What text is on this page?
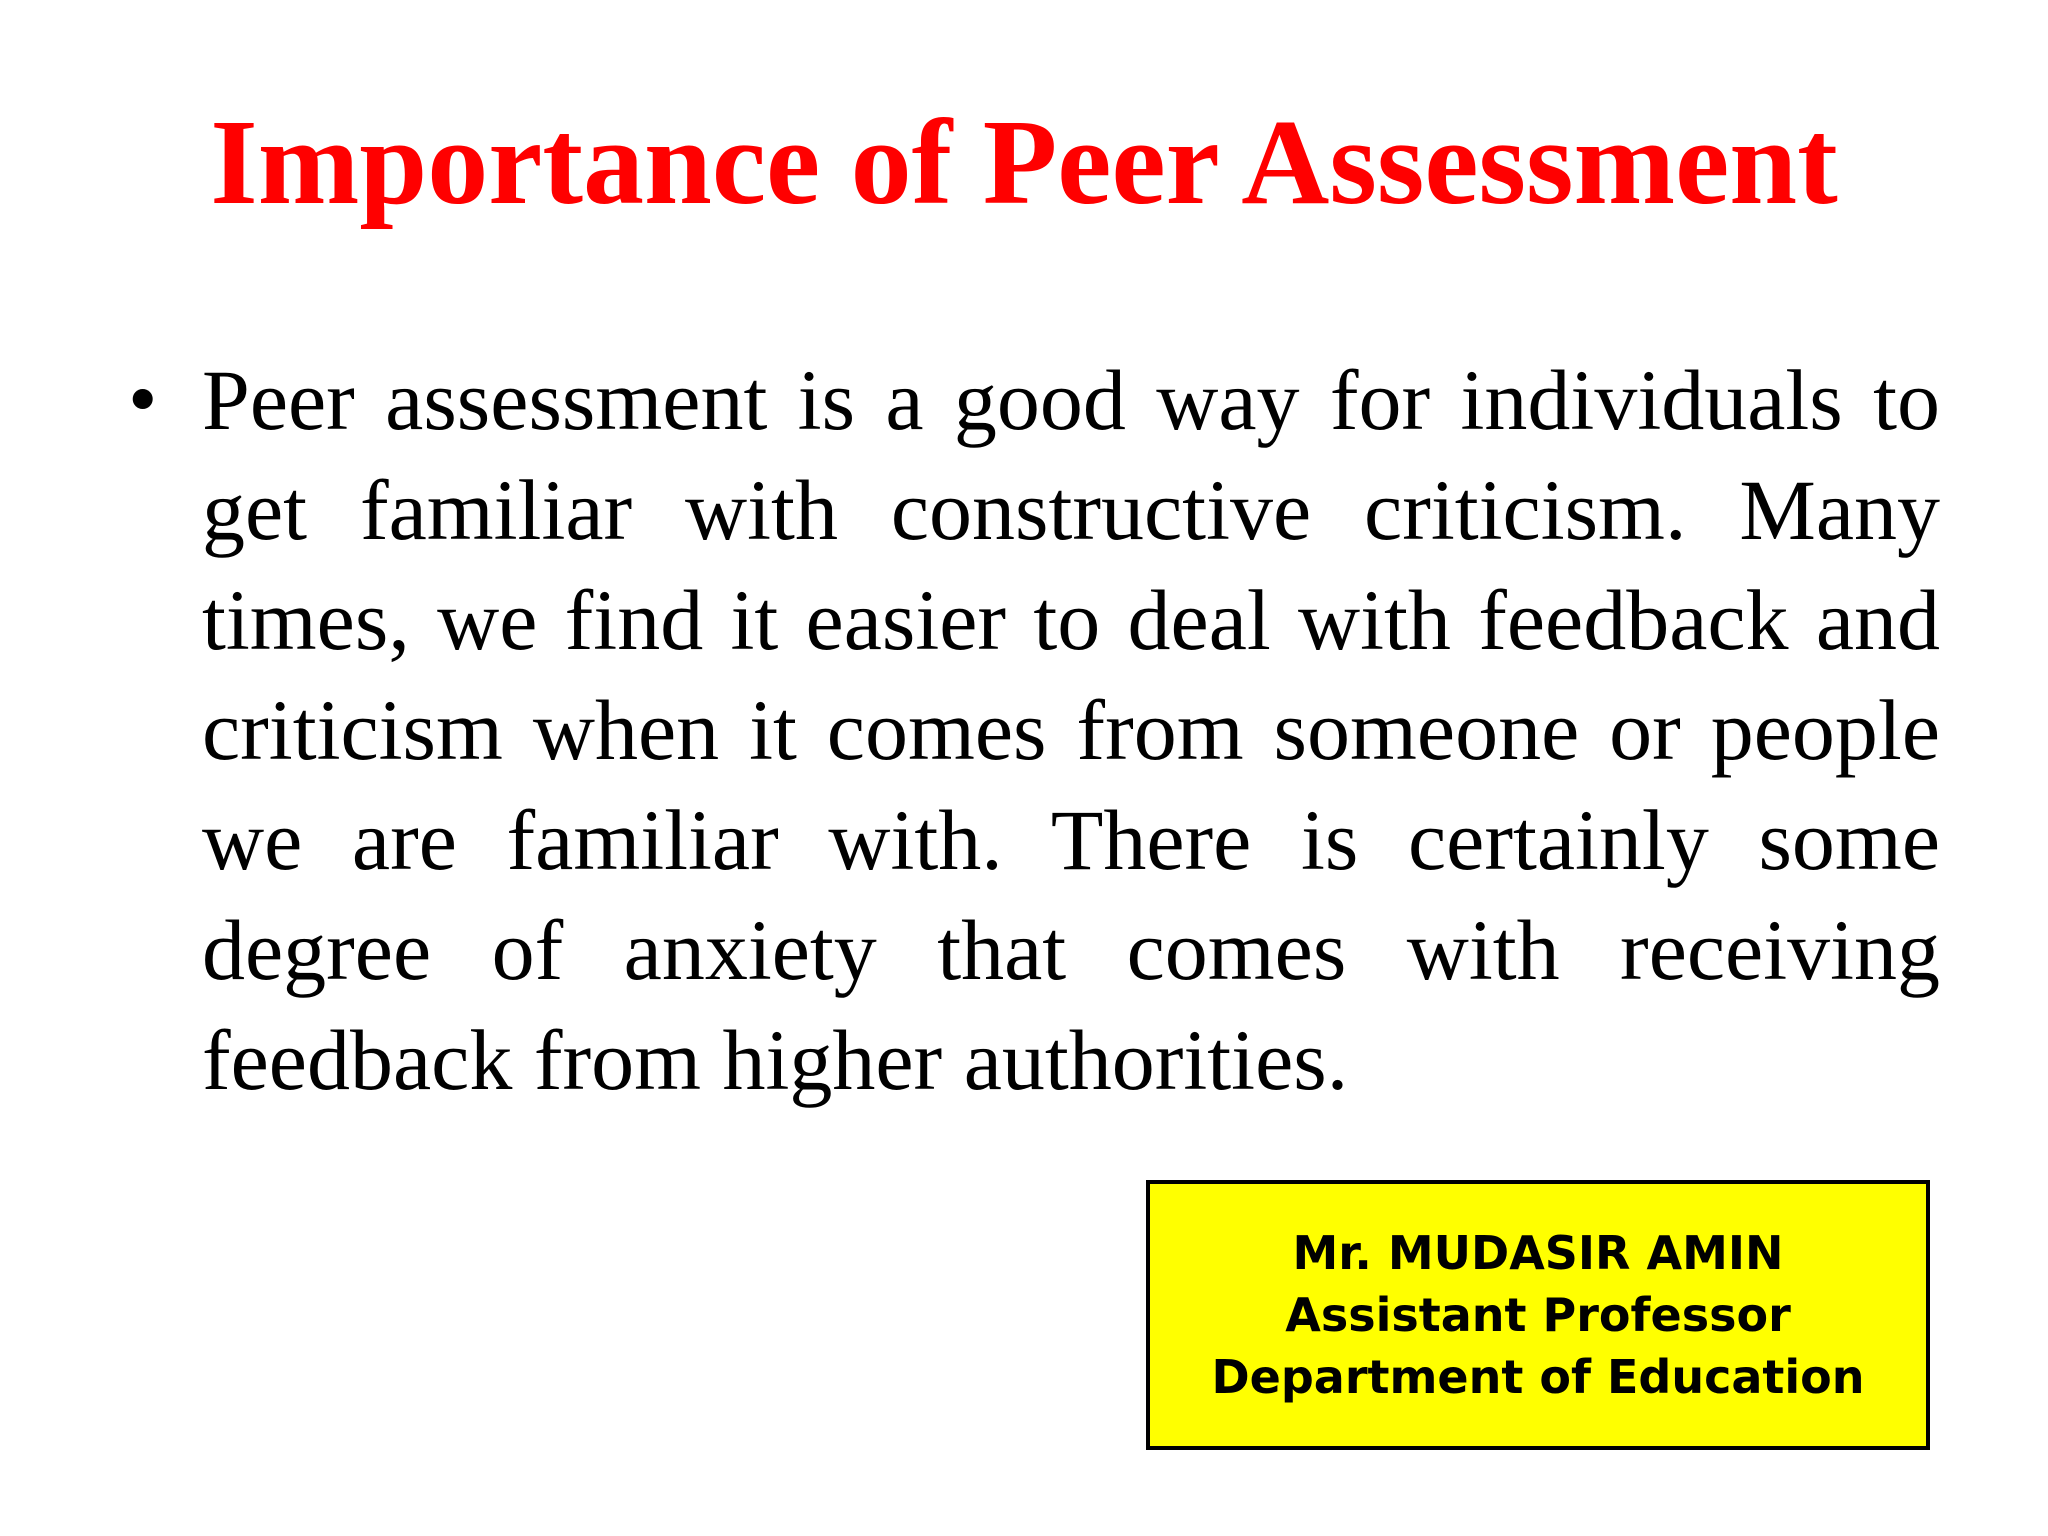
Importance of Peer Assessment
• Peer assessment is a good way for individuals to get familiar with constructive criticism. Many times, we find it easier to deal with feedback and criticism when it comes from someone or people we are familiar with. There is certainly some degree of anxiety that comes with receiving feedback from higher authorities.
Mr. MUDASIR AMIN
Assistant Professor
Department of Education
